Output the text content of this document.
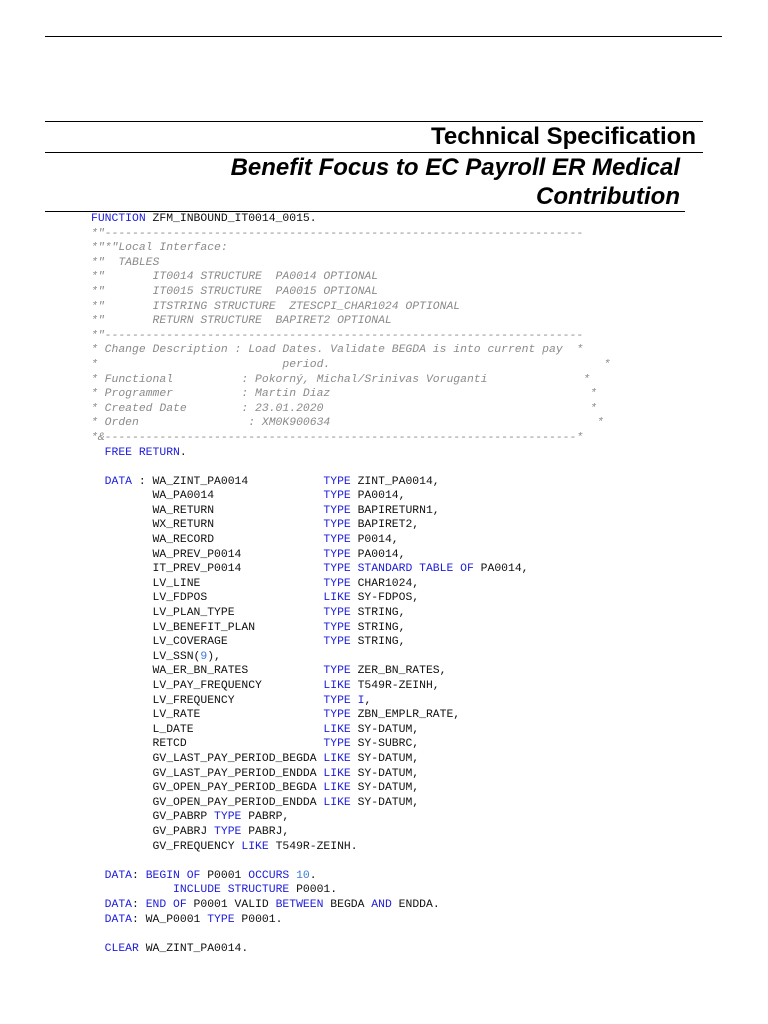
Technical Specification
Benefit Focus to EC Payroll ER Medical Contribution
FUNCTION ZFM_INBOUND_IT0014_0015.
*"----------------------------------------------------------------------
*"*"Local Interface:
*"  TABLES
*"       IT0014 STRUCTURE  PA0014 OPTIONAL
*"       IT0015 STRUCTURE  PA0015 OPTIONAL
*"       ITSTRING STRUCTURE  ZTESCPI_CHAR1024 OPTIONAL
*"       RETURN STRUCTURE  BAPIRET2 OPTIONAL
*"----------------------------------------------------------------------
* Change Description : Load Dates. Validate BEGDA is into current pay  *
*                           period.                                        *
* Functional          : Pokorný, Michal/Srinivas Voruganti              *
* Programmer          : Martin Diaz                                      *
* Created Date        : 23.01.2020                                       *
* Orden                : XM0K900634                                       *
*&---------------------------------------------------------------------*
FREE RETURN.

DATA : WA_ZINT_PA0014           TYPE ZINT_PA0014,
WA_PA0014                TYPE PA0014,
WA_RETURN                TYPE BAPIRETURN1,
WX_RETURN                TYPE BAPIRET2,
WA_RECORD                TYPE P0014,
WA_PREV_P0014            TYPE PA0014,
IT_PREV_P0014            TYPE STANDARD TABLE OF PA0014,
LV_LINE                  TYPE CHAR1024,
LV_FDPOS                 LIKE SY-FDPOS,
LV_PLAN_TYPE             TYPE STRING,
LV_BENEFIT_PLAN          TYPE STRING,
LV_COVERAGE              TYPE STRING,
LV_SSN(9),
WA_ER_BN_RATES           TYPE ZER_BN_RATES,
LV_PAY_FREQUENCY         LIKE T549R-ZEINH,
LV_FREQUENCY             TYPE I,
LV_RATE                  TYPE ZBN_EMPLR_RATE,
L_DATE                   LIKE SY-DATUM,
RETCD                    TYPE SY-SUBRC,
GV_LAST_PAY_PERIOD_BEGDA LIKE SY-DATUM,
GV_LAST_PAY_PERIOD_ENDDA LIKE SY-DATUM,
GV_OPEN_PAY_PERIOD_BEGDA LIKE SY-DATUM,
GV_OPEN_PAY_PERIOD_ENDDA LIKE SY-DATUM,
GV_PABRP TYPE PABRP,
GV_PABRJ TYPE PABRJ,
GV_FREQUENCY LIKE T549R-ZEINH.

DATA: BEGIN OF P0001 OCCURS 10.
INCLUDE STRUCTURE P0001.
DATA: END OF P0001 VALID BETWEEN BEGDA AND ENDDA.
DATA: WA_P0001 TYPE P0001.

CLEAR WA_ZINT_PA0014.
